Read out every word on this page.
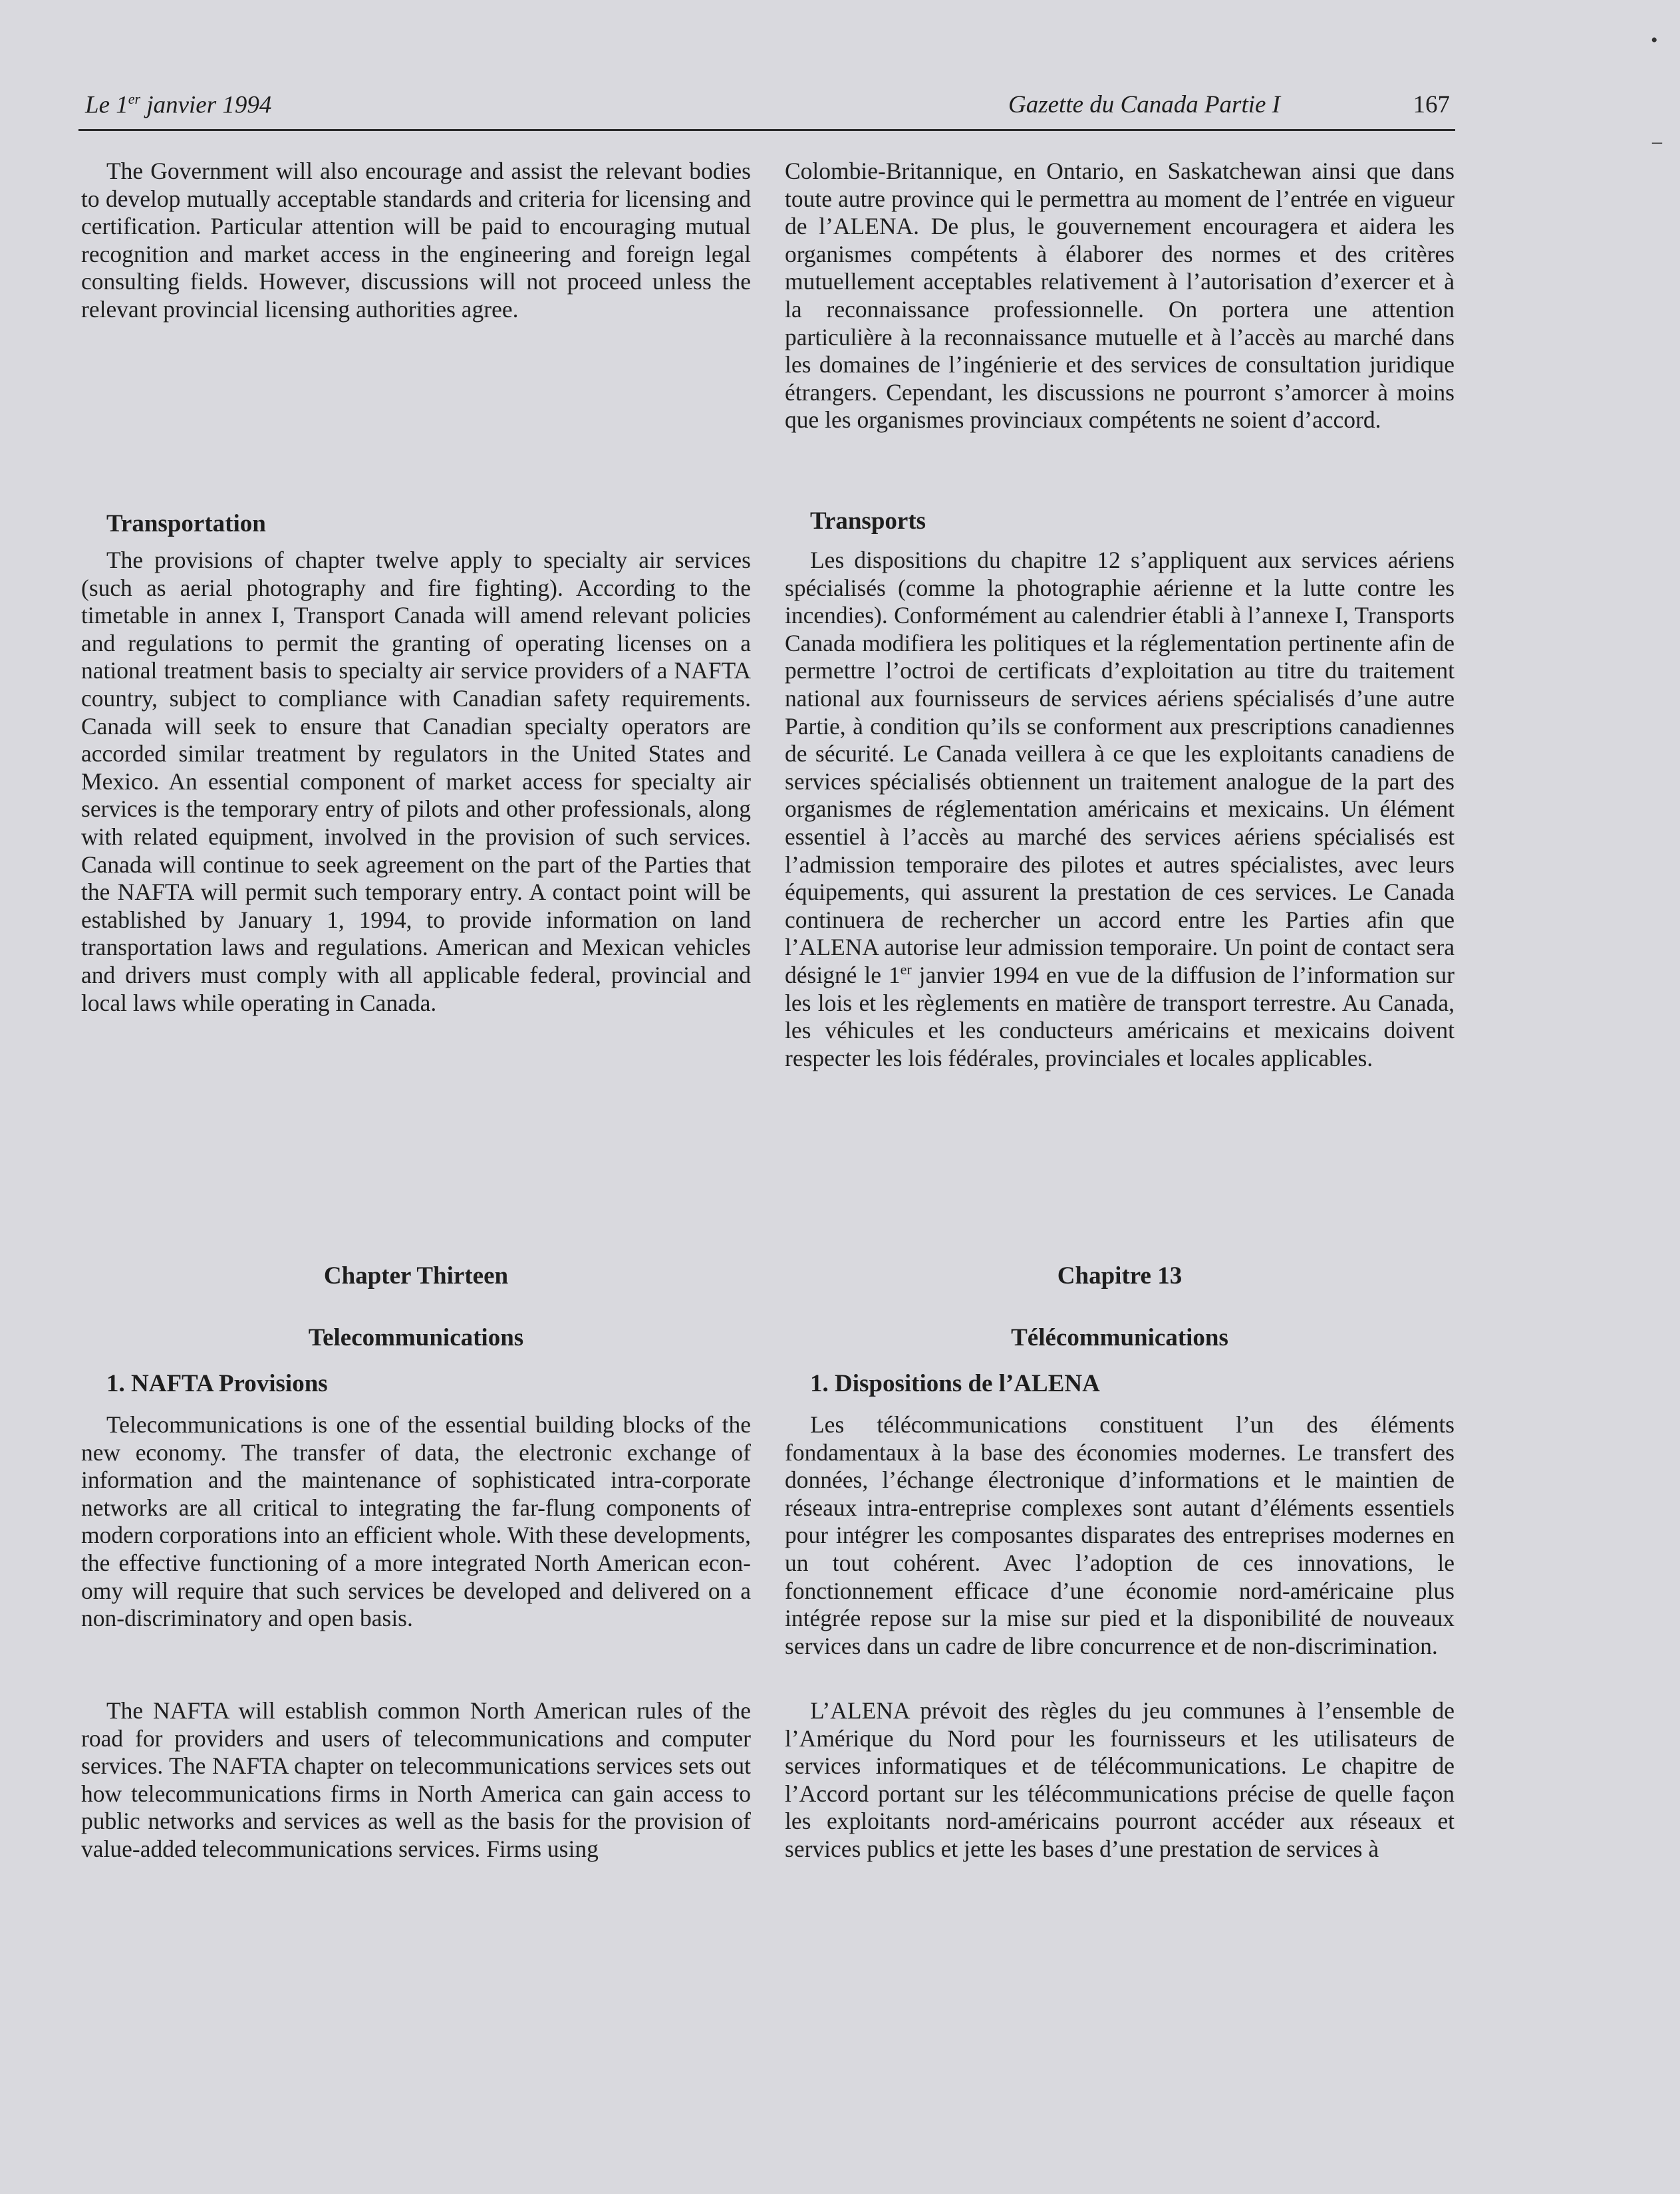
•
–
Le 1er janvier 1994	Gazette du Canada Partie I	167

The Government will also encourage and assist the relevant bodies to develop mutually acceptable standards and criteria for licensing and certification. Particular attention will be paid to encouraging mutual recognition and market access in the engineering and foreign legal consulting fields. However, discussions will not proceed unless the relevant provincial licensing authorities agree.

Transportation

The provisions of chapter twelve apply to specialty air services (such as aerial photography and fire fighting). According to the timetable in annex I, Transport Canada will amend relevant policies and regulations to permit the granting of operating licenses on a national treatment basis to specialty air service providers of a NAFTA country, subject to compliance with Canadian safety requirements. Canada will seek to ensure that Canadian specialty operators are accorded similar treatment by regulators in the United States and Mexico. An essential component of market access for specialty air services is the temporary entry of pilots and other professionals, along with related equipment, involved in the provision of such services. Canada will continue to seek agreement on the part of the Parties that the NAFTA will permit such temporary entry. A contact point will be established by January 1, 1994, to provide information on land transportation laws and regulations. American and Mexican vehicles and drivers must comply with all applicable federal, provincial and local laws while operating in Canada.

Chapter Thirteen
Telecommunications
1. NAFTA Provisions

Telecommunications is one of the essential building blocks of the new economy. The transfer of data, the electronic exchange of information and the maintenance of sophisticated intra-corporate networks are all critical to integrating the far-flung components of modern corporations into an efficient whole. With these developments, the effective functioning of a more integrated North American economy will require that such services be developed and delivered on a non-discriminatory and open basis.

The NAFTA will establish common North American rules of the road for providers and users of telecommunications and computer services. The NAFTA chapter on telecommunications services sets out how telecommunications firms in North America can gain access to public networks and services as well as the basis for the provision of value-added telecommunications services. Firms using

Colombie-Britannique, en Ontario, en Saskatchewan ainsi que dans toute autre province qui le permettra au moment de l’entrée en vigueur de l’ALENA. De plus, le gouvernement encouragera et aidera les organismes compétents à élaborer des normes et des critères mutuellement acceptables relativement à l’autorisation d’exercer et à la reconnaissance professionnelle. On portera une attention particulière à la reconnaissance mutuelle et à l’accès au marché dans les domaines de l’ingénierie et des services de consultation juridique étrangers. Cependant, les discussions ne pourront s’amorcer à moins que les organismes provinciaux compétents ne soient d’accord.

Transports

Les dispositions du chapitre 12 s’appliquent aux services aériens spécialisés (comme la photographie aérienne et la lutte contre les incendies). Conformément au calendrier établi à l’annexe I, Transports Canada modifiera les politiques et la réglementation pertinente afin de permettre l’octroi de certificats d’exploitation au titre du traitement national aux fournisseurs de services aériens spécialisés d’une autre Partie, à condition qu’ils se conforment aux prescriptions canadiennes de sécurité. Le Canada veillera à ce que les exploitants canadiens de services spécialisés obtiennent un traitement analogue de la part des organismes de réglementation américains et mexicains. Un élément essentiel à l’accès au marché des services aériens spécialisés est l’admission temporaire des pilotes et autres spécialistes, avec leurs équipements, qui assurent la prestation de ces services. Le Canada continuera de rechercher un accord entre les Parties afin que l’ALENA autorise leur admission temporaire. Un point de contact sera désigné le 1er janvier 1994 en vue de la diffusion de l’information sur les lois et les règlements en matière de transport terrestre. Au Canada, les véhicules et les conducteurs américains et mexicains doivent respecter les lois fédérales, provinciales et locales applicables.

Chapitre 13
Télécommunications
1. Dispositions de l’ALENA

Les télécommunications constituent l’un des éléments fondamentaux à la base des économies modernes. Le transfert des données, l’échange électronique d’informations et le maintien de réseaux intra-entreprise complexes sont autant d’éléments essentiels pour intégrer les composantes disparates des entreprises modernes en un tout cohérent. Avec l’adoption de ces innovations, le fonctionnement efficace d’une économie nord-américaine plus intégrée repose sur la mise sur pied et la disponibilité de nouveaux services dans un cadre de libre concurrence et de non-discrimination.

L’ALENA prévoit des règles du jeu communes à l’ensemble de l’Amérique du Nord pour les fournisseurs et les utilisateurs de services informatiques et de télécommunications. Le chapitre de l’Accord portant sur les télécommunications précise de quelle façon les exploitants nord-américains pourront accéder aux réseaux et services publics et jette les bases d’une prestation de services à
